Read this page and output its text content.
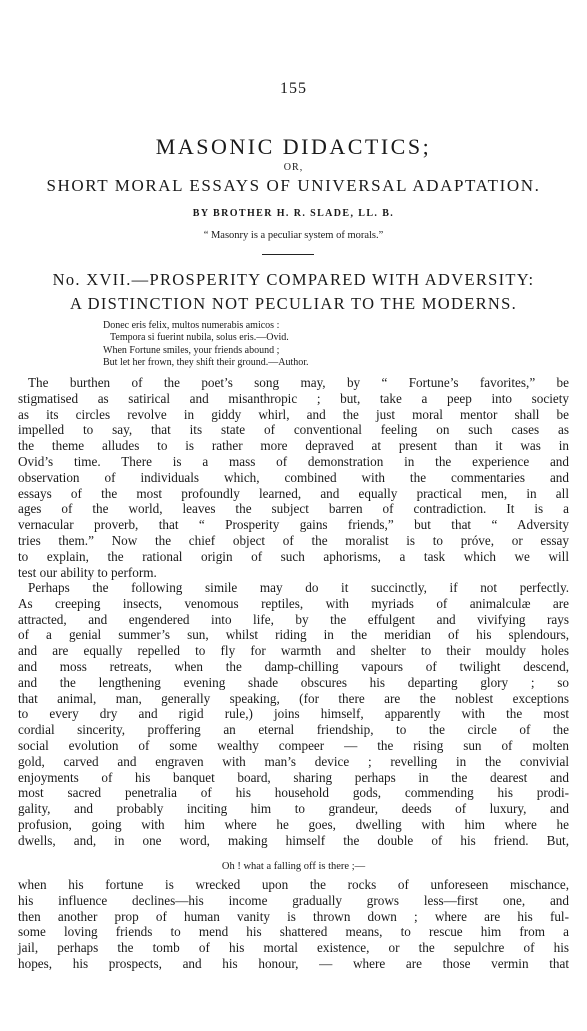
155
MASONIC DIDACTICS;
OR,
SHORT MORAL ESSAYS OF UNIVERSAL ADAPTATION.
BY BROTHER H. R. SLADE, LL. B.
“ Masonry is a peculiar system of morals.”
No. XVII.—PROSPERITY COMPARED WITH ADVERSITY:
A DISTINCTION NOT PECULIAR TO THE MODERNS.
Donec eris felix, multos numerabis amicos :
Tempora si fuerint nubila, solus eris.—Ovid.
When Fortune smiles, your friends abound ;
But let her frown, they shift their ground.—Author.
The burthen of the poet’s song may, by “ Fortune’s favorites,” be
stigmatised as satirical and misanthropic ; but, take a peep into society
as its circles revolve in giddy whirl, and the just moral mentor shall be
impelled to say, that its state of conventional feeling on such cases as
the theme alludes to is rather more depraved at present than it was in
Ovid’s time. There is a mass of demonstration in the experience and
observation of individuals which, combined with the commentaries and
essays of the most profoundly learned, and equally practical men, in all
ages of the world, leaves the subject barren of contradiction. It is a
vernacular proverb, that “ Prosperity gains friends,” but that “ Adversity
tries them.” Now the chief object of the moralist is to próve, or essay
to explain, the rational origin of such aphorisms, a task which we will
test our ability to perform.
Perhaps the following simile may do it succinctly, if not perfectly.
As creeping insects, venomous reptiles, with myriads of animalculæ are
attracted, and engendered into life, by the effulgent and vivifying rays
of a genial summer’s sun, whilst riding in the meridian of his splendours,
and are equally repelled to fly for warmth and shelter to their mouldy holes
and moss retreats, when the damp-chilling vapours of twilight descend,
and the lengthening evening shade obscures his departing glory ; so
that animal, man, generally speaking, (for there are the noblest exceptions
to every dry and rigid rule,) joins himself, apparently with the most
cordial sincerity, proffering an eternal friendship, to the circle of the
social evolution of some wealthy compeer — the rising sun of molten
gold, carved and engraven with man’s device ; revelling in the convivial
enjoyments of his banquet board, sharing perhaps in the dearest and
most sacred penetralia of his household gods, commending his prodi-
gality, and probably inciting him to grandeur, deeds of luxury, and
profusion, going with him where he goes, dwelling with him where he
dwells, and, in one word, making himself the double of his friend. But,
Oh ! what a falling off is there ;—
when his fortune is wrecked upon the rocks of unforeseen mischance,
his influence declines—his income gradually grows less—first one, and
then another prop of human vanity is thrown down ; where are his ful-
some loving friends to mend his shattered means, to rescue him from a
jail, perhaps the tomb of his mortal existence, or the sepulchre of his
hopes, his prospects, and his honour, — where are those vermin that
